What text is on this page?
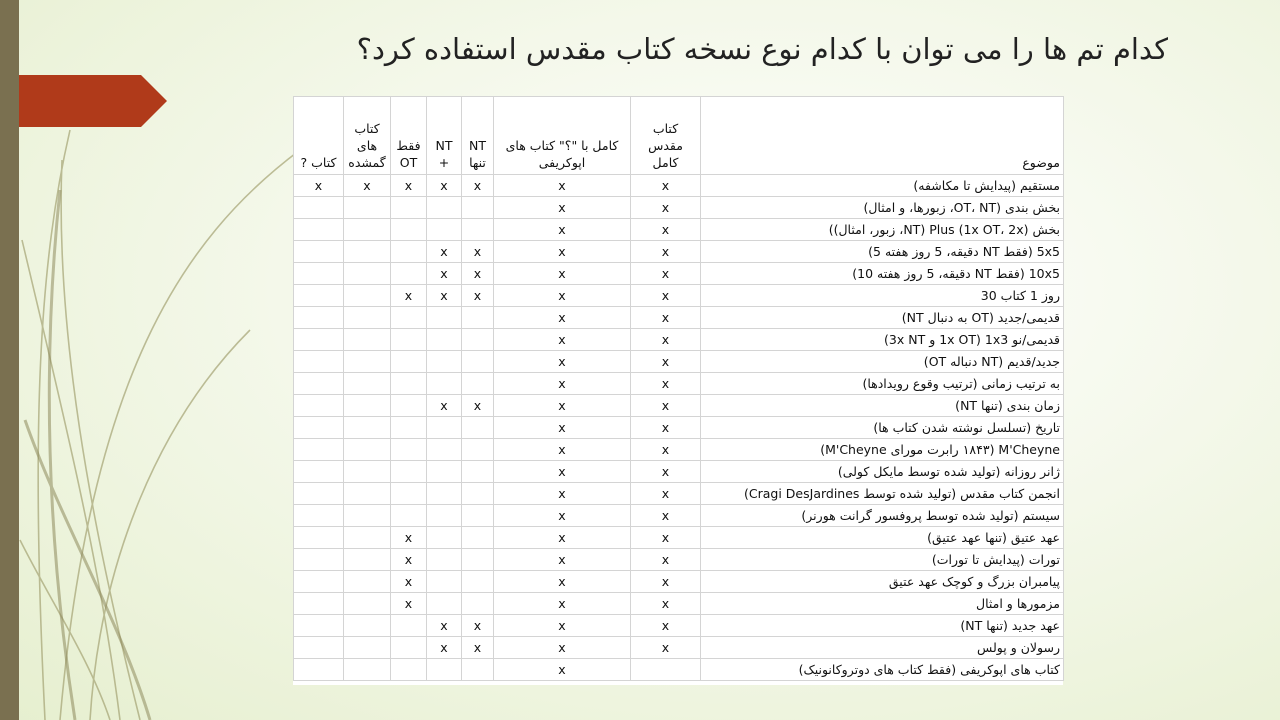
کدام تم ها را می توان با کدام نوع نسخه کتاب مقدس استفاده کرد؟
کتاب ?	کتاب های گمشده	فقط OT	NT +	NT تنها	کامل با "؟" کتاب های اپوکریفی	کتاب مقدس کامل	موضوع
x	x	x	x	x	x	x	مستقیم (پیدایش تا مکاشفه)
					x	x	بخش بندی (OT، NT، زبورها، و امثال)
					x	x	بخش Plus (1x OT، 2x) (NT، زبور، امثال))
			x	x	x	x	5x5 (فقط NT دقیقه، 5 روز هفته 5)
			x	x	x	x	10x5 (فقط NT دقیقه، 5 روز هفته 10)
		x	x	x	x	x	روز 1 کتاب 30
					x	x	قدیمی/جدید (OT به دنبال NT)
					x	x	قدیمی/نو 1x3 (1x OT و 3x NT)
					x	x	جدید/قدیم (NT دنباله OT)
					x	x	به ترتیب زمانی (ترتیب وقوع رویدادها)
			x	x	x	x	زمان بندی (تنها NT)
					x	x	تاریخ (تسلسل نوشته شدن کتاب ها)
					x	x	M'Cheyne (۱۸۴۳ رابرت مورای M'Cheyne)
					x	x	ژانر روزانه (تولید شده توسط مایکل کولی)
					x	x	انجمن کتاب مقدس (تولید شده توسط Cragi DesJardines)
					x	x	سیستم (تولید شده توسط پروفسور گرانت هورنر)
		x			x	x	عهد عتیق (تنها عهد عتیق)
		x			x	x	تورات (پیدایش تا تورات)
		x			x	x	پیامبران بزرگ و کوچک عهد عتیق
		x			x	x	مزمورها و امثال
			x	x	x	x	عهد جدید (تنها NT)
			x	x	x	x	رسولان و پولس
					x		کتاب های اپوکریفی (فقط کتاب های دوتروکانونیک)
